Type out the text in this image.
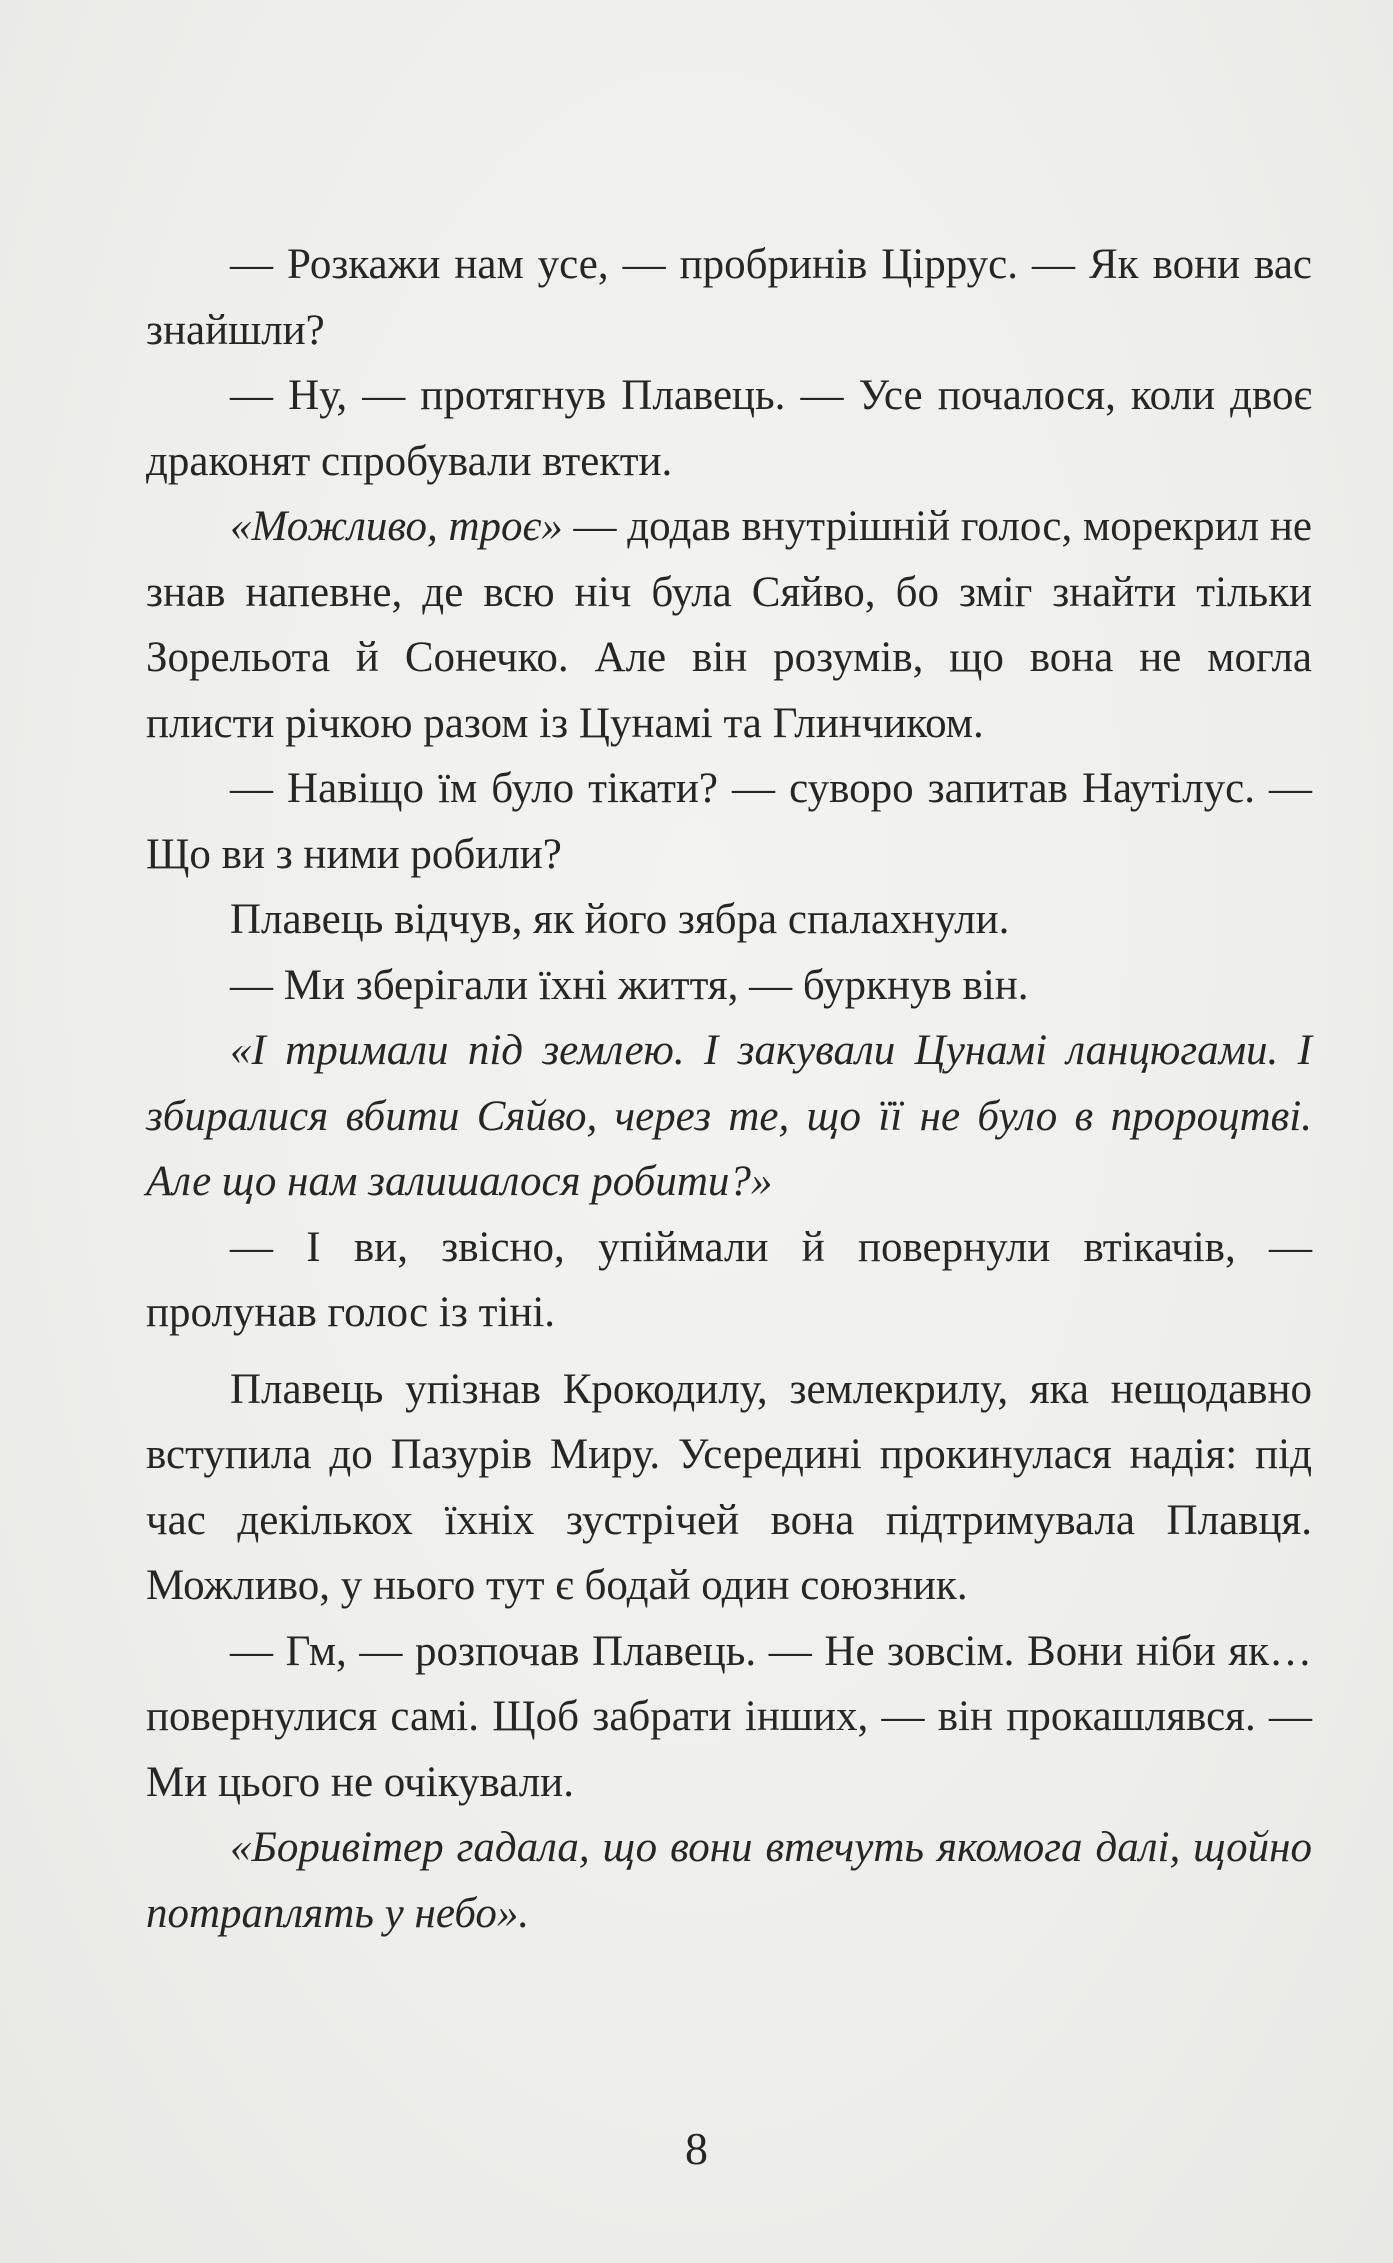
— Розкажи нам усе, — пробринів Ціррус. — Як вони вас знайшли?

— Ну, — протягнув Плавець. — Усе почалося, коли двоє драконят спробували втекти.

«Можливо, троє» — додав внутрішній голос, морекрил не знав напевне, де всю ніч була Сяйво, бо зміг знайти тільки Зорельота й Сонечко. Але він розумів, що вона не могла плисти річкою разом із Цунамі та Глинчиком.

— Навіщо їм було тікати? — суворо запитав Наутілус. — Що ви з ними робили?

Плавець відчув, як його зябра спалахнули.

— Ми зберігали їхні життя, — буркнув він.

«І тримали під землею. І закували Цунамі ланцюгами. І збиралися вбити Сяйво, через те, що її не було в пророцтві. Але що нам залишалося робити?»

— І ви, звісно, упіймали й повернули втікачів, — пролунав голос із тіні.

Плавець упізнав Крокодилу, землекрилу, яка нещодавно вступила до Пазурів Миру. Усередині прокинулася надія: під час декількох їхніх зустрічей вона підтримувала Плавця. Можливо, у нього тут є бодай один союзник.

— Гм, — розпочав Плавець. — Не зовсім. Вони ніби як… повернулися самі. Щоб забрати інших, — він прокашлявся. — Ми цього не очікували.

«Боривітер гадала, що вони втечуть якомога далі, щойно потраплять у небо».

8
